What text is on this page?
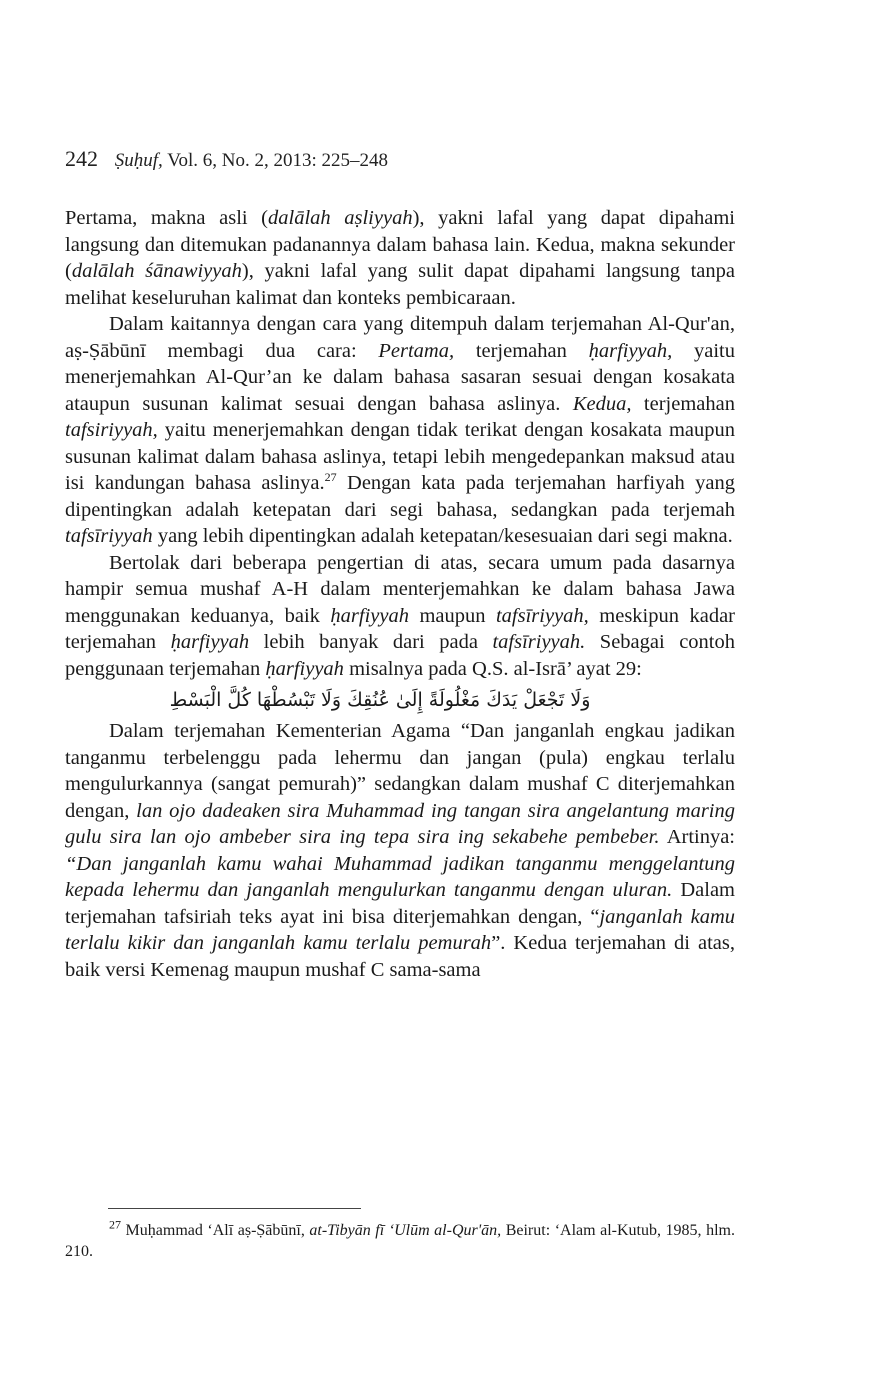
242 Ṣuḥuf, Vol. 6, No. 2, 2013: 225–248

Pertama, makna asli (dalālah aṣliyyah), yakni lafal yang dapat dipahami langsung dan ditemukan padanannya dalam bahasa lain. Kedua, makna sekunder (dalālah śānawiyyah), yakni lafal yang sulit dapat dipahami langsung tanpa melihat keseluruhan kalimat dan konteks pembicaraan.

Dalam kaitannya dengan cara yang ditempuh dalam terjemahan Al-Qur'an, aṣ-Ṣābūnī membagi dua cara: Pertama, terjemahan ḥarfiyyah, yaitu menerjemahkan Al-Qur’an ke dalam bahasa sasaran sesuai dengan kosakata ataupun susunan kalimat sesuai dengan bahasa aslinya. Kedua, terjemahan tafsiriyyah, yaitu menerjemahkan dengan tidak terikat dengan kosakata maupun susunan kalimat dalam bahasa aslinya, tetapi lebih mengedepankan maksud atau isi kandungan bahasa aslinya.$^{27}$ Dengan kata pada terjemahan harfiyah yang dipentingkan adalah ketepatan dari segi bahasa, sedangkan pada terjemah tafsīriyyah yang lebih dipentingkan adalah ketepatan/kesesuaian dari segi makna.

Bertolak dari beberapa pengertian di atas, secara umum pada dasarnya hampir semua mushaf A-H dalam menterjemahkan ke dalam bahasa Jawa menggunakan keduanya, baik ḥarfiyyah maupun tafsīriyyah, meskipun kadar terjemahan ḥarfiyyah lebih banyak dari pada tafsīriyyah. Sebagai contoh penggunaan terjemahan ḥarfiyyah misalnya pada Q.S. al-Isrā’ ayat 29:

وَلَا تَجْعَلْ يَدَكَ مَغْلُولَةً إِلَىٰ عُنُقِكَ وَلَا تَبْسُطْهَا كُلَّ الْبَسْطِ

Dalam terjemahan Kementerian Agama “Dan janganlah engkau jadikan tanganmu terbelenggu pada lehermu dan jangan (pula) engkau terlalu mengulurkannya (sangat pemurah)” sedangkan dalam mushaf C diterjemahkan dengan, lan ojo dadeaken sira Muhammad ing tangan sira angelantung maring gulu sira lan ojo ambeber sira ing tepa sira ing sekabehe pembeber. Artinya: “Dan janganlah kamu wahai Muhammad jadikan tanganmu menggelantung kepada lehermu dan janganlah mengulurkan tanganmu dengan uluran. Dalam terjemahan tafsiriah teks ayat ini bisa diterjemahkan dengan, “janganlah kamu terlalu kikir dan janganlah kamu terlalu pemurah”. Kedua terjemahan di atas, baik versi Kemenag maupun mushaf C sama-sama

$^{27}$ Muḥammad ‘Alī aṣ-Ṣābūnī, at-Tibyān fī ‘Ulūm al-Qur'ān, Beirut: ‘Alam al-Kutub, 1985, hlm. 210.
